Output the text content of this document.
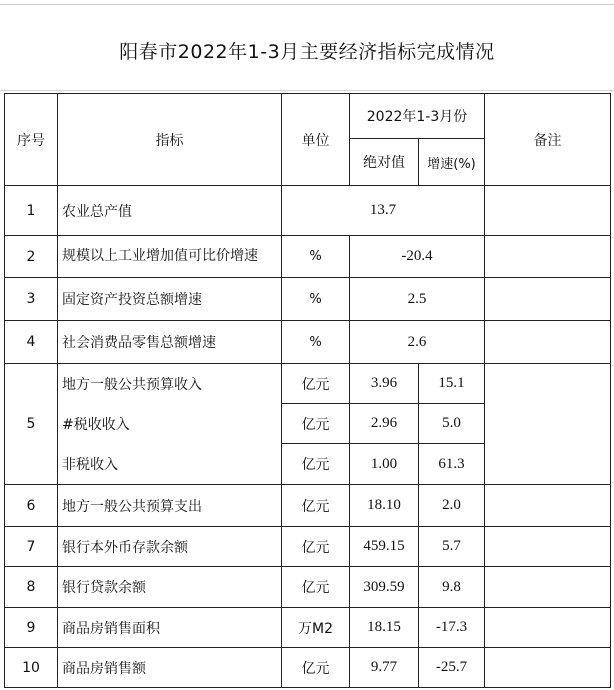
阳春市2022年1-3月主要经济指标完成情况
序号	指标	单位	2022年1-3月份		备注
			绝对值	增速(%)	
1	农业总产值	13.7			
2	规模以上工业增加值可比价增速	%	-20.4		
3	固定资产投资总额增速	%	2.5		
4	社会消费品零售总额增速	%	2.6		
5	地方一般公共预算收入	亿元	3.96	15.1	
	#税收收入	亿元	2.96	5.0	
	非税收入	亿元	1.00	61.3	
6	地方一般公共预算支出	亿元	18.10	2.0	
7	银行本外币存款余额	亿元	459.15	5.7	
8	银行贷款余额	亿元	309.59	9.8	
9	商品房销售面积	万M2	18.15	-17.3	
10	商品房销售额	亿元	9.77	-25.7	
